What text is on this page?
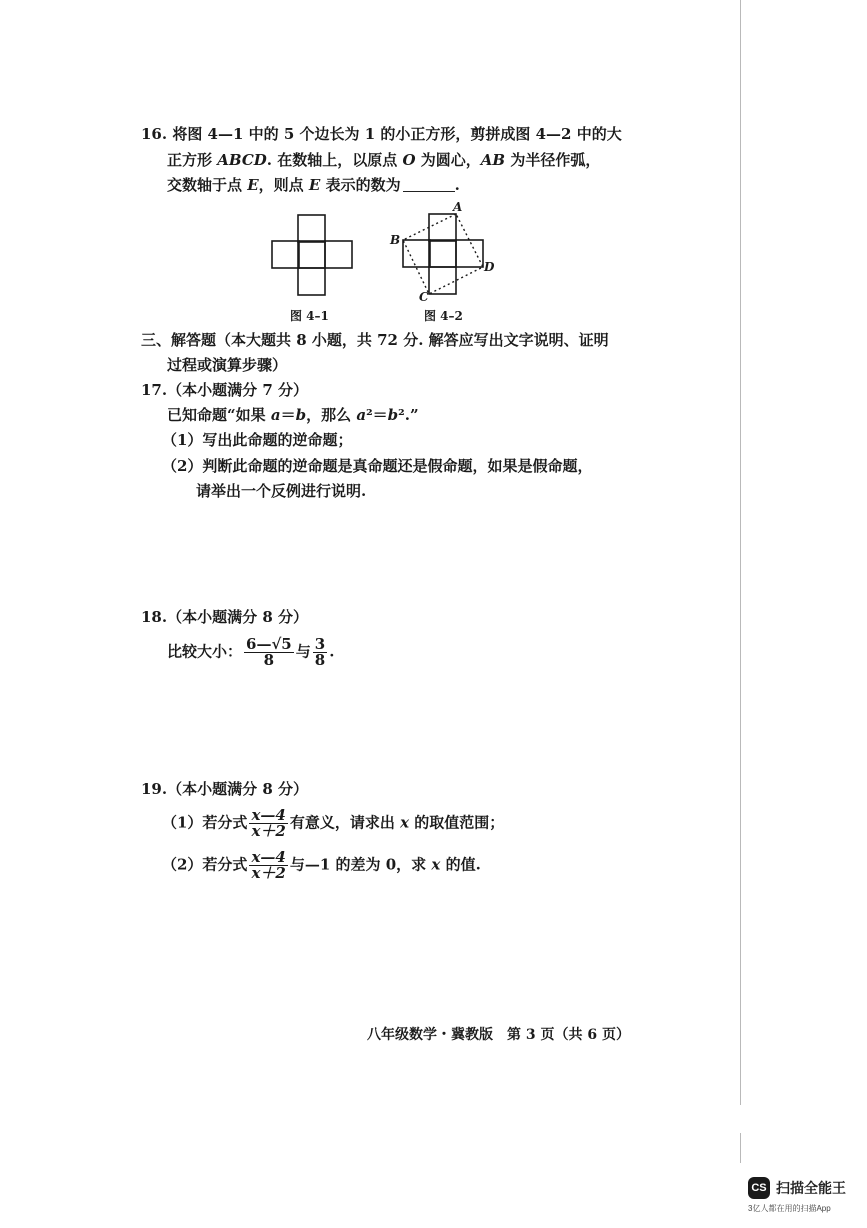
16. 将图 4—1 中的 5 个边长为 1 的小正方形，剪拼成图 4—2 中的大
正方形 ABCD. 在数轴上，以原点 O 为圆心，AB 为半径作弧，
交数轴于点 E，则点 E 表示的数为	.
图 4–1
A
B
C
D
图 4–2
三、解答题（本大题共 8 小题，共 72 分. 解答应写出文字说明、证明
过程或演算步骤）
17.（本小题满分 7 分）
已知命题“如果 a＝b，那么 a²＝b².”
（1）写出此命题的逆命题；
（2）判断此命题的逆命题是真命题还是假命题，如果是假命题，
请举出一个反例进行说明.
18.（本小题满分 8 分）
比较大小： $\frac{6—√5}{8}$ 与 $\frac{3}{8}$ .
19.（本小题满分 8 分）
（1）若分式 $\frac{x—4}{x+2}$ 有意义，请求出 x 的取值范围；
（2）若分式 $\frac{x—4}{x+2}$ 与—1 的差为 0，求 x 的值.
八年级数学・冀教版　第 3 页（共 6 页）
CS 扫描全能王
3亿人都在用的扫描App
